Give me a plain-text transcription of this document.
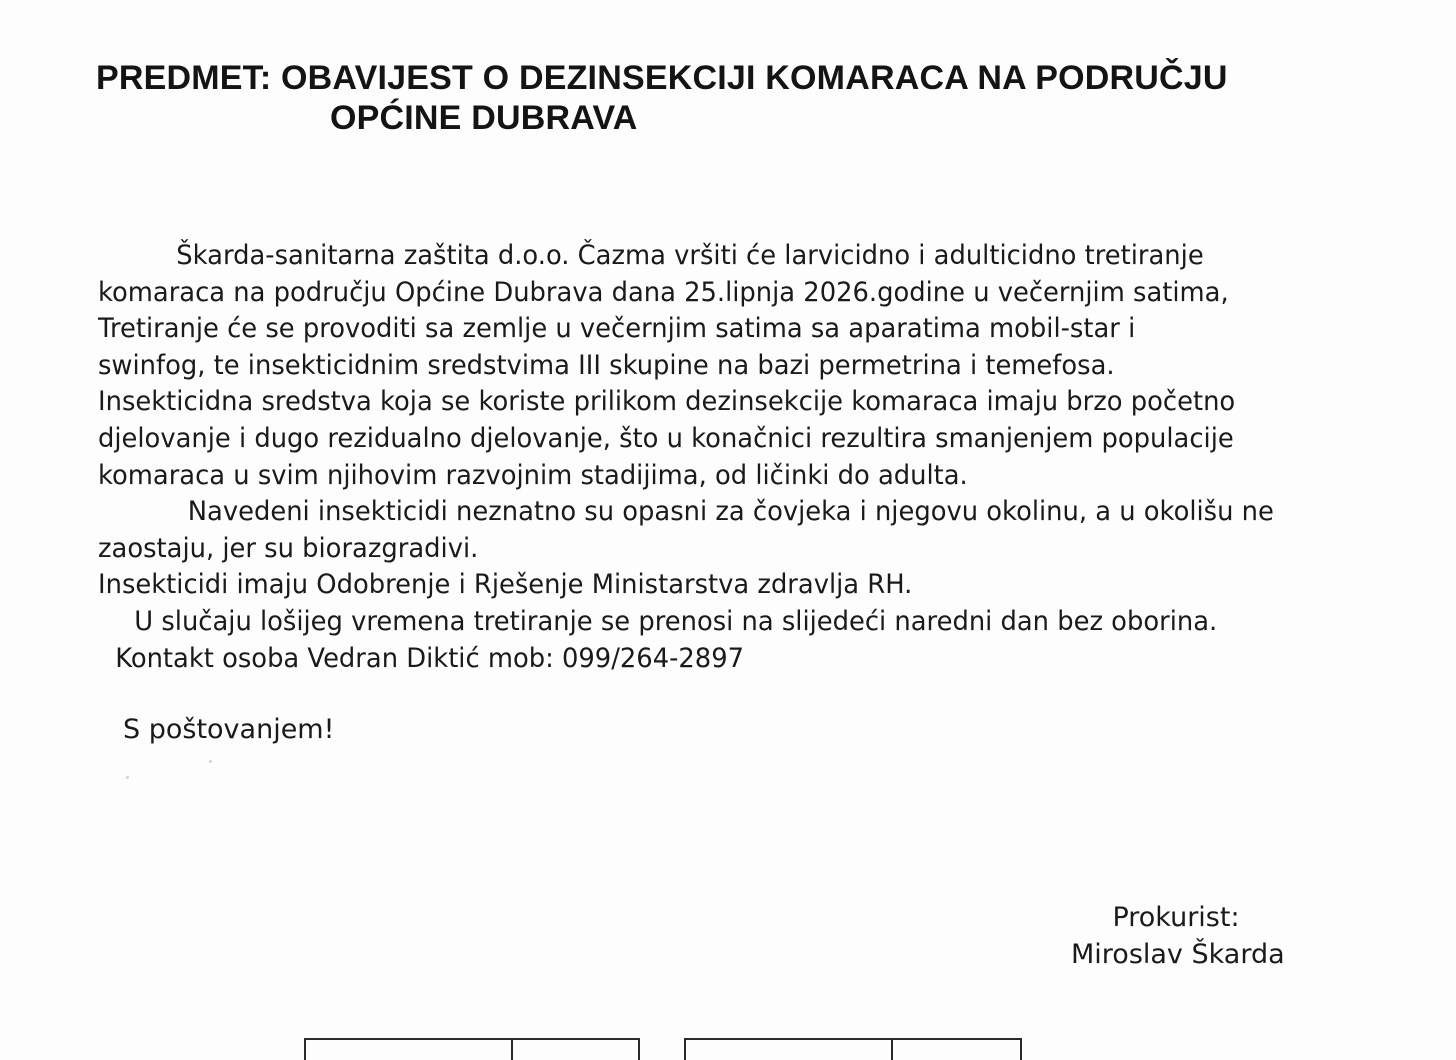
PREDMET: OBAVIJEST O DEZINSEKCIJI KOMARACA NA PODRUČJU
OPĆINE DUBRAVA
Škarda-sanitarna zaštita d.o.o. Čazma vršiti će larvicidno i adulticidno tretiranje
komaraca na području Općine Dubrava dana 25.lipnja 2026.godine u večernjim satima,
Tretiranje će se provoditi sa zemlje u večernjim satima sa aparatima mobil-star i
swinfog, te insekticidnim sredstvima III skupine na bazi permetrina i temefosa.
Insekticidna sredstva koja se koriste prilikom dezinsekcije komaraca imaju brzo početno
djelovanje i dugo rezidualno djelovanje, što u konačnici rezultira smanjenjem populacije
komaraca u svim njihovim razvojnim stadijima, od ličinki do adulta.
Navedeni insekticidi neznatno su opasni za čovjeka i njegovu okolinu, a u okolišu ne
zaostaju, jer su biorazgradivi.
Insekticidi imaju Odobrenje i Rješenje Ministarstva zdravlja RH.
U slučaju lošijeg vremena tretiranje se prenosi na slijedeći naredni dan bez oborina.
Kontakt osoba Vedran Diktić mob: 099/264-2897

S poštovanjem!

Prokurist:
Miroslav Škarda
